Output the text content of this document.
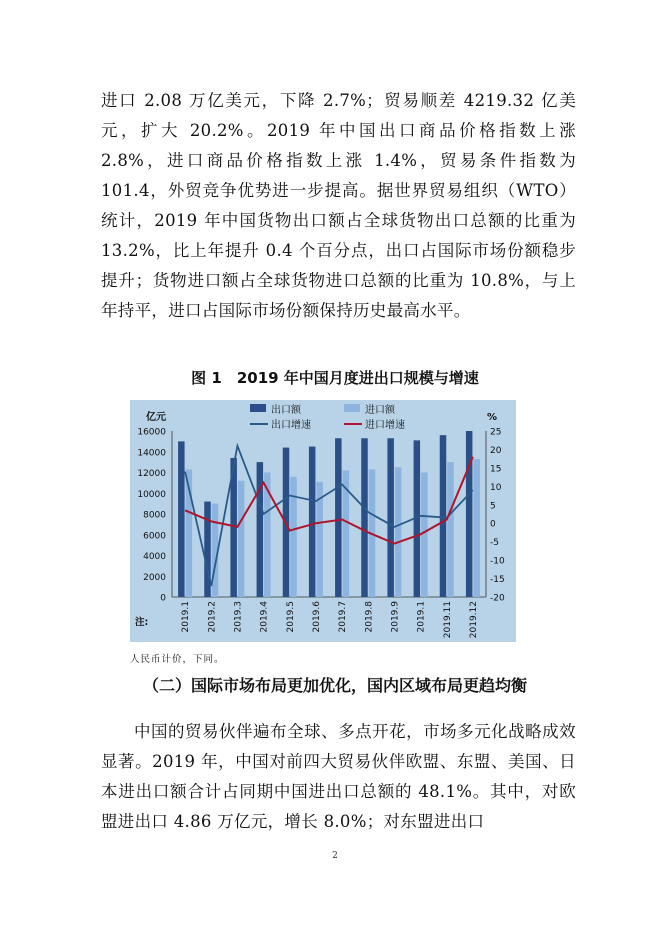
进口 2.08 万亿美元，下降 2.7%；贸易顺差 4219.32 亿美元，扩大 20.2%。2019 年中国出口商品价格指数上涨 2.8%，进口商品价格指数上涨 1.4%，贸易条件指数为 101.4，外贸竞争优势进一步提高。据世界贸易组织（WTO）统计，2019 年中国货物出口额占全球货物出口总额的比重为 13.2%，比上年提升 0.4 个百分点，出口占国际市场份额稳步提升；货物进口额占全球货物进口总额的比重为 10.8%，与上年持平，进口占国际市场份额保持历史最高水平。
图 1　2019 年中国月度进出口规模与增速
亿元	%
0
2000
4000
6000
8000
10000
12000
14000
16000
-20
-15
-10
-5
0
5
10
15
20
25
2019.1 2019.2 2019.3 2019.4 2019.5 2019.6 2019.7 2019.8 2019.9 2019.1 2019.11 2019.12
注:
出口额	进口额
出口增速	进口增速
人民币计价，下同。
（二）国际市场布局更加优化，国内区域布局更趋均衡
中国的贸易伙伴遍布全球、多点开花，市场多元化战略成效显著。2019 年，中国对前四大贸易伙伴欧盟、东盟、美国、日本进出口额合计占同期中国进出口总额的 48.1%。其中，对欧盟进出口 4.86 万亿元，增长 8.0%；对东盟进出口
2
